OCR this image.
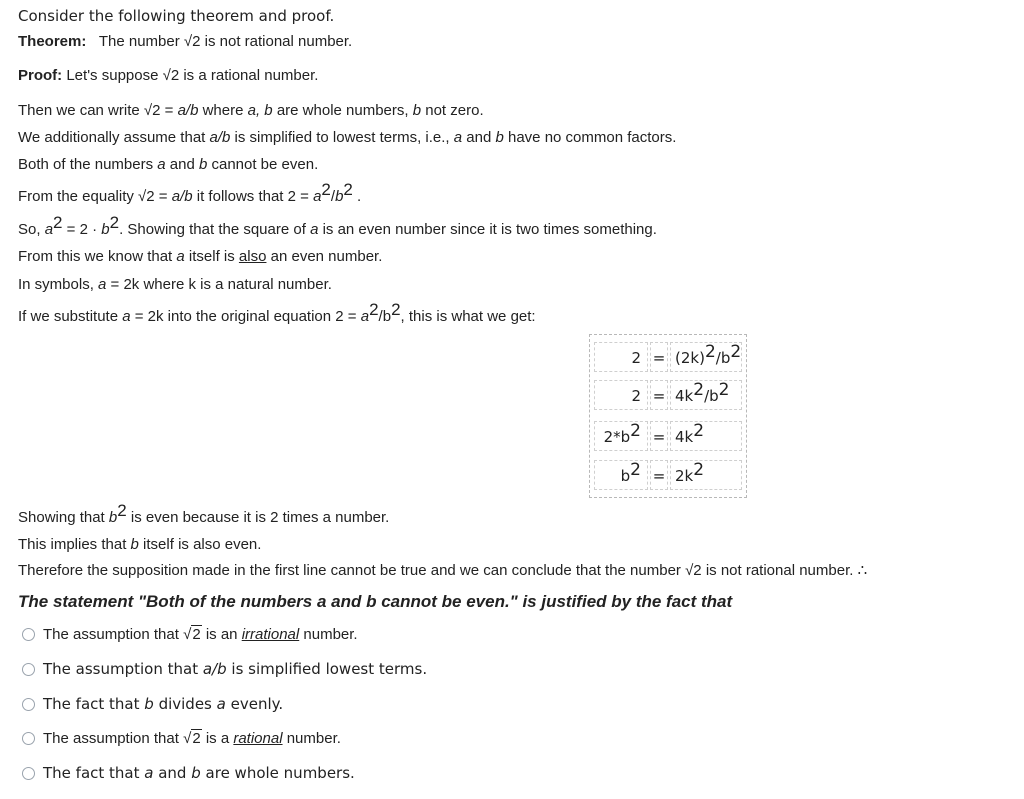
Consider the following theorem and proof.
Theorem: The number √2 is not rational number.
Proof: Let's suppose √2 is a rational number.
Then we can write √2 = a/b where a, b are whole numbers, b not zero.
We additionally assume that a/b is simplified to lowest terms, i.e., a and b have no common factors.
Both of the numbers a and b cannot be even.
From the equality √2 = a/b it follows that $2 = a^2/b^2$ .
So, $a^2 = 2 \cdot b^2$. Showing that the square of a is an even number since it is two times something.
From this we know that a itself is also an even number.
In symbols, a = 2k where k is a natural number.
If we substitute a = 2k into the original equation $2 = a^2/b^2$, this is what we get:
$2 = (2k)^2/b^2$
$2 = 4k^2/b^2$
$2*b^2 = 4k^2$
$b^2 = 2k^2$
Showing that $b^2$ is even because it is 2 times a number.
This implies that b itself is also even.
Therefore the supposition made in the first line cannot be true and we can conclude that the number √2 is not rational number. ∴
The statement "Both of the numbers a and b cannot be even." is justified by the fact that
The assumption that √2 is an irrational number.
The assumption that a/b is simplified lowest terms.
The fact that b divides a evenly.
The assumption that √2 is a rational number.
The fact that a and b are whole numbers.
